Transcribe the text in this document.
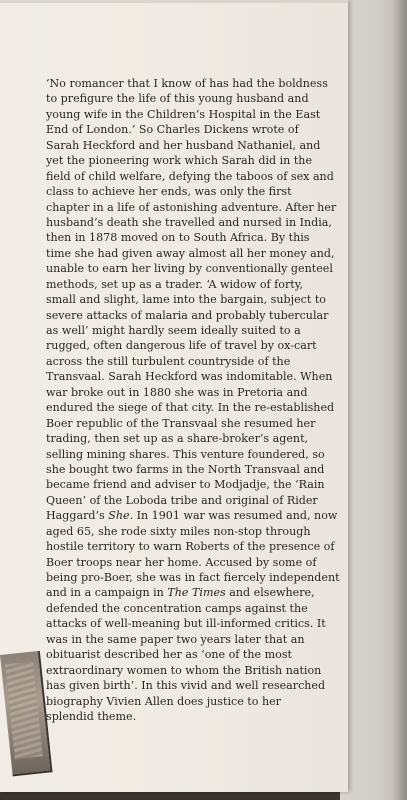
‘No romancer that I know of has had the boldness
to prefigure the life of this young husband and
young wife in the Children’s Hospital in the East
End of London.’ So Charles Dickens wrote of
Sarah Heckford and her husband Nathaniel, and
yet the pioneering work which Sarah did in the
field of child welfare, defying the taboos of sex and
class to achieve her ends, was only the first
chapter in a life of astonishing adventure. After her
husband’s death she travelled and nursed in India,
then in 1878 moved on to South Africa. By this
time she had given away almost all her money and,
unable to earn her living by conventionally genteel
methods, set up as a trader. ‘A widow of forty,
small and slight, lame into the bargain, subject to
severe attacks of malaria and probably tubercular
as well’ might hardly seem ideally suited to a
rugged, often dangerous life of travel by ox-cart
across the still turbulent countryside of the
Transvaal. Sarah Heckford was indomitable. When
war broke out in 1880 she was in Pretoria and
endured the siege of that city. In the re-established
Boer republic of the Transvaal she resumed her
trading, then set up as a share-broker’s agent,
selling mining shares. This venture foundered, so
she bought two farms in the North Transvaal and
became friend and adviser to Modjadje, the ‘Rain
Queen’ of the Loboda tribe and original of Rider
Haggard’s She. In 1901 war was resumed and, now
aged 65, she rode sixty miles non-stop through
hostile territory to warn Roberts of the presence of
Boer troops near her home. Accused by some of
being pro-Boer, she was in fact fiercely independent
and in a campaign in The Times and elsewhere,
defended the concentration camps against the
attacks of well-meaning but ill-informed critics. It
was in the same paper two years later that an
obituarist described her as ‘one of the most
extraordinary women to whom the British nation
has given birth’. In this vivid and well researched
biography Vivien Allen does justice to her
splendid theme.
